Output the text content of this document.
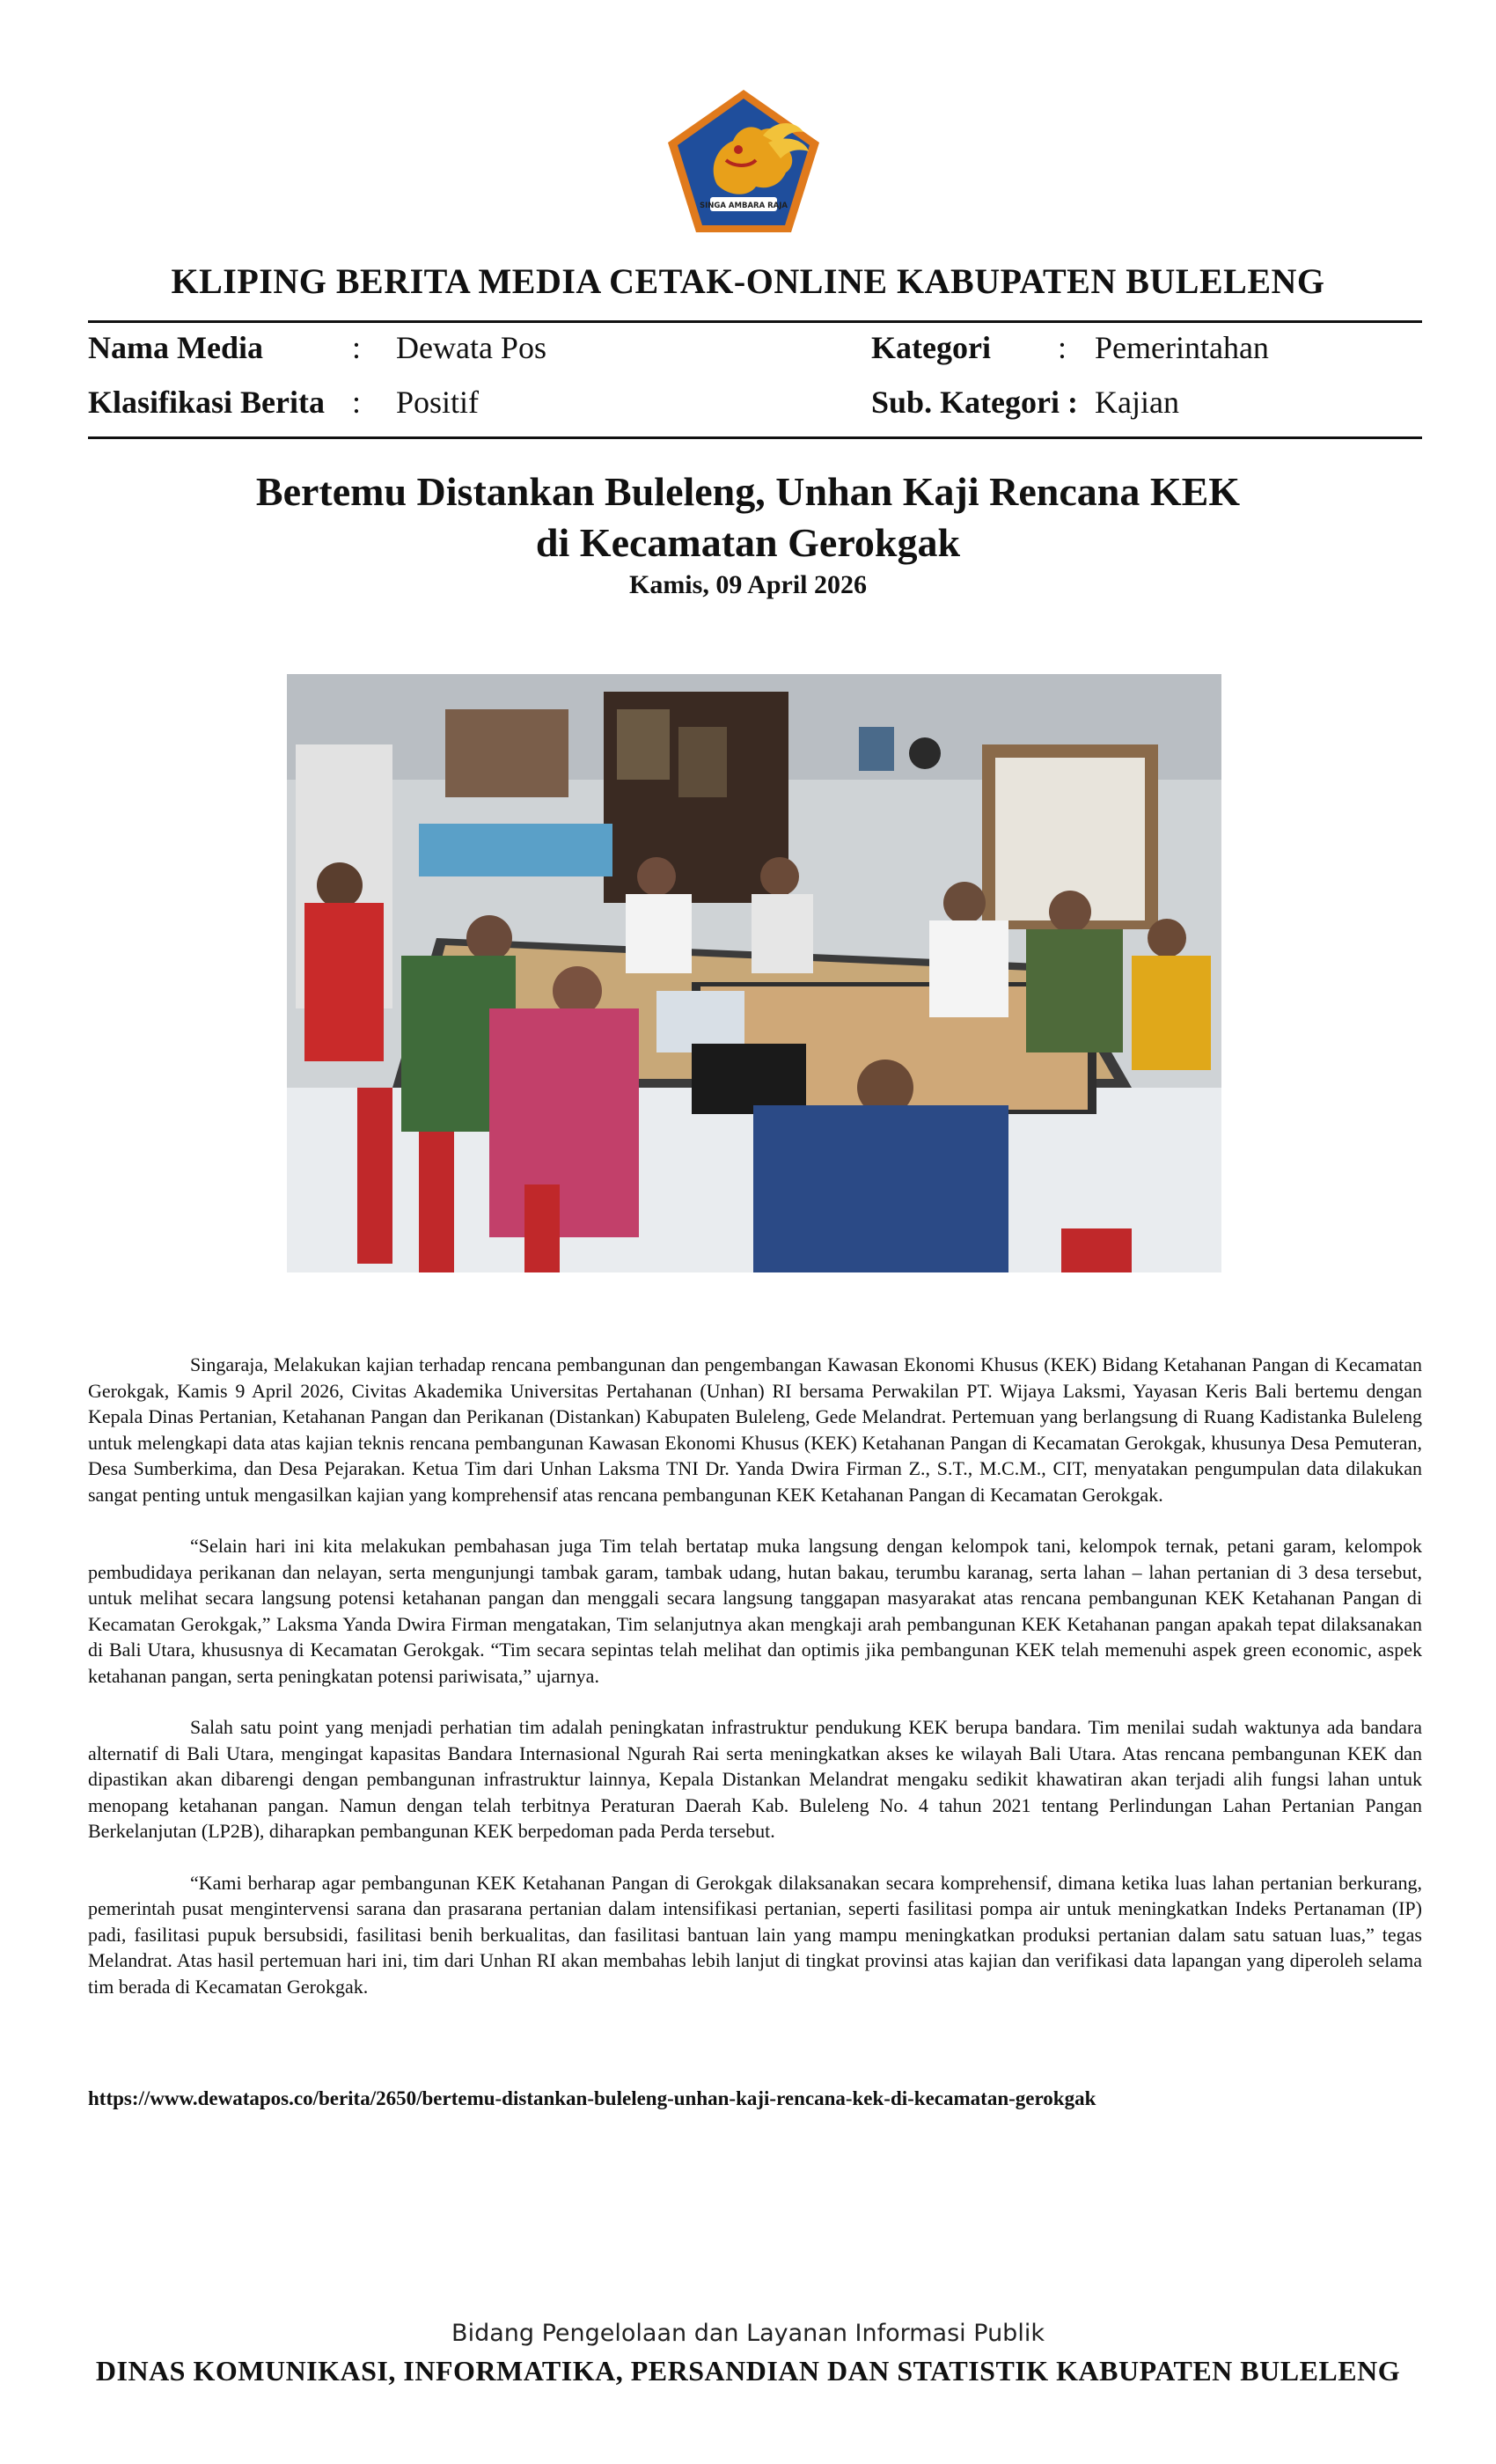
SINGA AMBARA RAJA
KLIPING BERITA MEDIA CETAK-ONLINE KABUPATEN BULELENG
Nama Media	: Dewata Pos	Kategori : Pemerintahan
Klasifikasi Berita : Positif	Sub. Kategori : Kajian
Bertemu Distankan Buleleng, Unhan Kaji Rencana KEK
di Kecamatan Gerokgak
Kamis, 09 April 2026

Singaraja, Melakukan kajian terhadap rencana pembangunan dan pengembangan Kawasan Ekonomi Khusus (KEK) Bidang Ketahanan Pangan di Kecamatan Gerokgak, Kamis 9 April 2026, Civitas Akademika Universitas Pertahanan (Unhan) RI bersama Perwakilan PT. Wijaya Laksmi, Yayasan Keris Bali bertemu dengan Kepala Dinas Pertanian, Ketahanan Pangan dan Perikanan (Distankan) Kabupaten Buleleng, Gede Melandrat. Pertemuan yang berlangsung di Ruang Kadistanka Buleleng untuk melengkapi data atas kajian teknis rencana pembangunan Kawasan Ekonomi Khusus (KEK) Ketahanan Pangan di Kecamatan Gerokgak, khusunya Desa Pemuteran, Desa Sumberkima, dan Desa Pejarakan. Ketua Tim dari Unhan Laksma TNI Dr. Yanda Dwira Firman Z., S.T., M.C.M., CIT, menyatakan pengumpulan data dilakukan sangat penting untuk mengasilkan kajian yang komprehensif atas rencana pembangunan KEK Ketahanan Pangan di Kecamatan Gerokgak.

“Selain hari ini kita melakukan pembahasan juga Tim telah bertatap muka langsung dengan kelompok tani, kelompok ternak, petani garam, kelompok pembudidaya perikanan dan nelayan, serta mengunjungi tambak garam, tambak udang, hutan bakau, terumbu karanag, serta lahan – lahan pertanian di 3 desa tersebut, untuk melihat secara langsung potensi ketahanan pangan dan menggali secara langsung tanggapan masyarakat atas rencana pembangunan KEK Ketahanan Pangan di Kecamatan Gerokgak,” Laksma Yanda Dwira Firman mengatakan, Tim selanjutnya akan mengkaji arah pembangunan KEK Ketahanan pangan apakah tepat dilaksanakan di Bali Utara, khususnya di Kecamatan Gerokgak. “Tim secara sepintas telah melihat dan optimis jika pembangunan KEK telah memenuhi aspek green economic, aspek ketahanan pangan, serta peningkatan potensi pariwisata,” ujarnya.

Salah satu point yang menjadi perhatian tim adalah peningkatan infrastruktur pendukung KEK berupa bandara. Tim menilai sudah waktunya ada bandara alternatif di Bali Utara, mengingat kapasitas Bandara Internasional Ngurah Rai serta meningkatkan akses ke wilayah Bali Utara. Atas rencana pembangunan KEK dan dipastikan akan dibarengi dengan pembangunan infrastruktur lainnya, Kepala Distankan Melandrat mengaku sedikit khawatiran akan terjadi alih fungsi lahan untuk menopang ketahanan pangan. Namun dengan telah terbitnya Peraturan Daerah Kab. Buleleng No. 4 tahun 2021 tentang Perlindungan Lahan Pertanian Pangan Berkelanjutan (LP2B), diharapkan pembangunan KEK berpedoman pada Perda tersebut.

“Kami berharap agar pembangunan KEK Ketahanan Pangan di Gerokgak dilaksanakan secara komprehensif, dimana ketika luas lahan pertanian berkurang, pemerintah pusat mengintervensi sarana dan prasarana pertanian dalam intensifikasi pertanian, seperti fasilitasi pompa air untuk meningkatkan Indeks Pertanaman (IP) padi, fasilitasi pupuk bersubsidi, fasilitasi benih berkualitas, dan fasilitasi bantuan lain yang mampu meningkatkan produksi pertanian dalam satu satuan luas,” tegas Melandrat. Atas hasil pertemuan hari ini, tim dari Unhan RI akan membahas lebih lanjut di tingkat provinsi atas kajian dan verifikasi data lapangan yang diperoleh selama tim berada di Kecamatan Gerokgak.

https://www.dewatapos.co/berita/2650/bertemu-distankan-buleleng-unhan-kaji-rencana-kek-di-kecamatan-gerokgak
Bidang Pengelolaan dan Layanan Informasi Publik
DINAS KOMUNIKASI, INFORMATIKA, PERSANDIAN DAN STATISTIK KABUPATEN BULELENG
